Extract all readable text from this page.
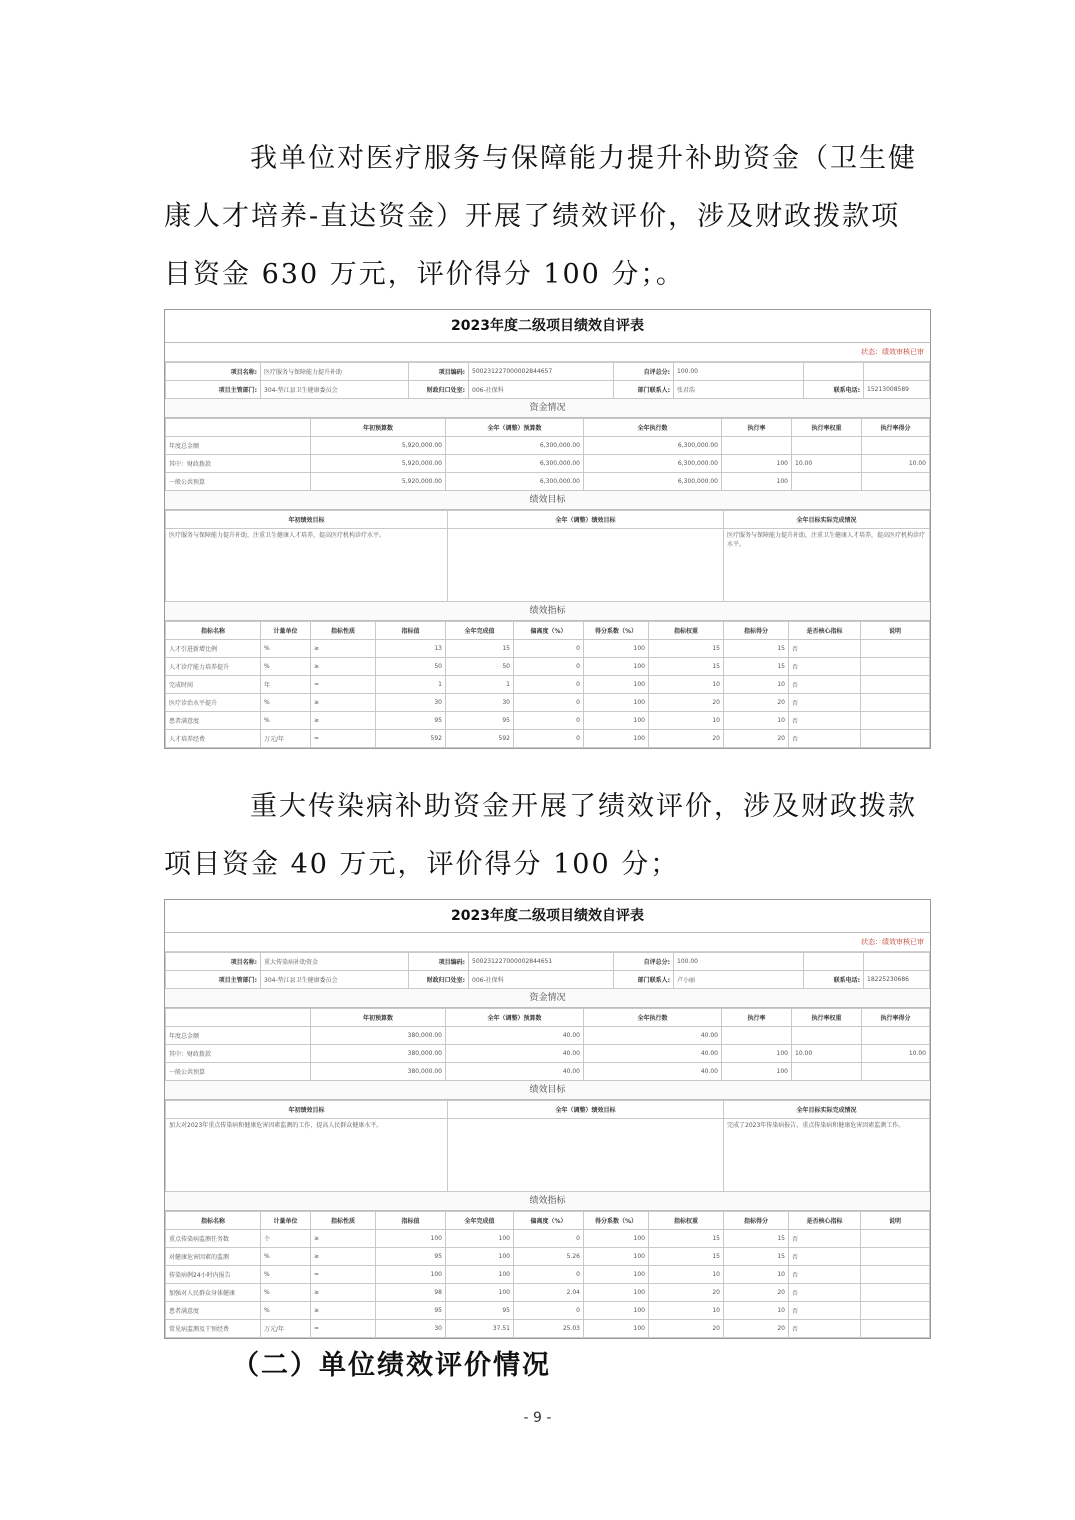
我单位对医疗服务与保障能力提升补助资金（卫生健
康人才培养-直达资金）开展了绩效评价，涉及财政拨款项
目资金 630 万元，评价得分 100 分；。

2023年度二级项目绩效自评表
状态：绩效审核已审
项目名称:	医疗服务与保障能力提升补助	项目编码:	500231227000002844657	自评总分:	100.00		
项目主管部门:	304-垫江县卫生健康委员会	财政归口处室:	006-社保科	部门联系人:	张君浩	联系电话:	15213008589
资金情况
	年初预算数	全年（调整）预算数	全年执行数	执行率	执行率权重	执行率得分
年度总金额	5,920,000.00	6,300,000.00	6,300,000.00			
其中：财政拨款	5,920,000.00	6,300,000.00	6,300,000.00	100	10.00	10.00
一般公共预算	5,920,000.00	6,300,000.00	6,300,000.00	100		
绩效目标
年初绩效目标	全年（调整）绩效目标	全年目标实际完成情况
医疗服务与保障能力提升补助，注重卫生健康人才培养，提高医疗机构诊疗水平。		医疗服务与保障能力提升补助，注重卫生健康人才培养，提高医疗机构诊疗水平。
绩效指标
指标名称	计量单位	指标性质	指标值	全年完成值	偏离度（%）	得分系数（%）	指标权重	指标得分	是否核心指标	说明
人才引进新增比例	%	≥	13	15	0	100	15	15	否	
人才诊疗能力培养提升	%	≥	50	50	0	100	15	15	否	
完成时间	年	=	1	1	0	100	10	10	否	
医疗诊治水平提升	%	≥	30	30	0	100	20	20	否	
患者满意度	%	≥	95	95	0	100	10	10	否	
人才培养经费	万元/年	=	592	592	0	100	20	20	否	

重大传染病补助资金开展了绩效评价，涉及财政拨款
项目资金 40 万元，评价得分 100 分；

2023年度二级项目绩效自评表
状态：绩效审核已审
项目名称:	重大传染病补助资金	项目编码:	500231227000002844651	自评总分:	100.00		
项目主管部门:	304-垫江县卫生健康委员会	财政归口处室:	006-社保科	部门联系人:	卢小丽	联系电话:	18225230686
资金情况
	年初预算数	全年（调整）预算数	全年执行数	执行率	执行率权重	执行率得分
年度总金额	380,000.00	40.00	40.00			
其中：财政拨款	380,000.00	40.00	40.00	100	10.00	10.00
一般公共预算	380,000.00	40.00	40.00	100		
绩效目标
年初绩效目标	全年（调整）绩效目标	全年目标实际完成情况
加大对2023年重点传染病和健康危害因素监测的工作，提高人民群众健康水平。		完成了2023年传染病报告、重点传染病和健康危害因素监测工作。
绩效指标
指标名称	计量单位	指标性质	指标值	全年完成值	偏离度（%）	得分系数（%）	指标权重	指标得分	是否核心指标	说明
重点传染病监测任务数	个	≥	100	100	0	100	15	15	否	
对健康危害因素的监测	%	≥	95	100	5.26	100	15	15	否	
传染病例24小时内报告	%	=	100	100	0	100	10	10	否	
加强对人民群众身体健康	%	≥	98	100	2.04	100	20	20	否	
患者满意度	%	≥	95	95	0	100	10	10	否	
常见病监测及干预经费	万元/年	=	30	37.51	25.03	100	20	20	否	
（二）单位绩效评价情况
- 9 -
